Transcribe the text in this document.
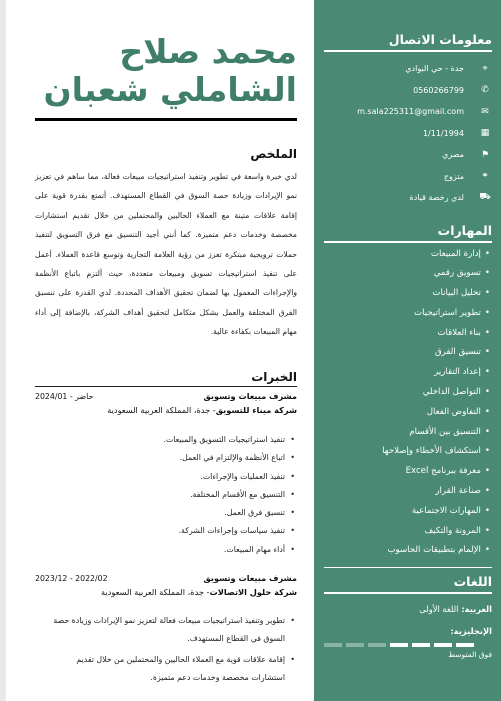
محمد صلاح
الشاملي شعبان
الملخص
لدي خبرة واسعة في تطوير وتنفيذ استراتيجيات مبيعات فعالة، مما ساهم في تعزيز نمو الإيرادات وزيادة حصة السوق في القطاع المستهدف. أتمتع بقدرة قوية على إقامة علاقات متينة مع العملاء الحاليين والمحتملين من خلال تقديم استشارات مخصصة وخدمات دعم متميزة. كما أنني أجيد التنسيق مع فرق التسويق لتنفيذ حملات ترويجية مبتكرة تعزز من رؤية العلامة التجارية وتوسع قاعدة العملاء. أعمل على تنفيذ استراتيجيات تسويق ومبيعات متعددة، حيث ألتزم باتباع الأنظمة والإجراءات المعمول بها لضمان تحقيق الأهداف المحددة. لدي القدرة على تنسيق الفرق المختلفة والعمل بشكل متكامل لتحقيق أهداف الشركة، بالإضافة إلى أداء مهام المبيعات بكفاءة عالية.
الخبرات
مشرف مبيعات وتسويق
2024/01 - حاضر
شركة ميناء للتسويق
- جدة، المملكة العربية السعودية
• تنفيذ استراتيجيات التسويق والمبيعات.
• اتباع الأنظمة والإلتزام في العمل.
• تنفيذ العمليات والإجراءات.
• التنسيق مع الأقسام المختلفة.
• تنسيق فرق العمل.
• تنفيذ سياسات وإجراءات الشركة.
• أداء مهام المبيعات.
مشرف مبيعات وتسويق
2023/12 - 2022/02
شركة حلول الاتصالات
- جدة، المملكة العربية السعودية
• تطوير وتنفيذ استراتيجيات مبيعات فعالة لتعزيز نمو الإيرادات وزيادة حصة السوق في القطاع المستهدف.
• إقامة علاقات قوية مع العملاء الحاليين والمحتملين من خلال تقديم استشارات مخصصة وخدمات دعم متميزة.
معلومات الاتصال
⌖
جدة - حي البوادي
✆
0560266799
✉
m.sala225311@gmail.com
▦
1/11/1994
⚑
مصري
⚭
متزوج
⛟
لدي رخصة قيادة
المهارات
• إدارة المبيعات
• تسويق رقمي
• تحليل البيانات
• تطوير استراتيجيات
• بناء العلاقات
• تنسيق الفرق
• إعداد التقارير
• التواصل الداخلي
• التفاوض الفعال
• التنسيق بين الأقسام
• استكشاف الأخطاء وإصلاحها
• معرفة ببرنامج Excel
• صناعة القرار
• المهارات الاجتماعية
• المرونة والتكيف
• الإلمام بتطبيقات الحاسوب
اللغات
العربية: اللغة الأولى
الإنجليزية:
فوق المتوسط
